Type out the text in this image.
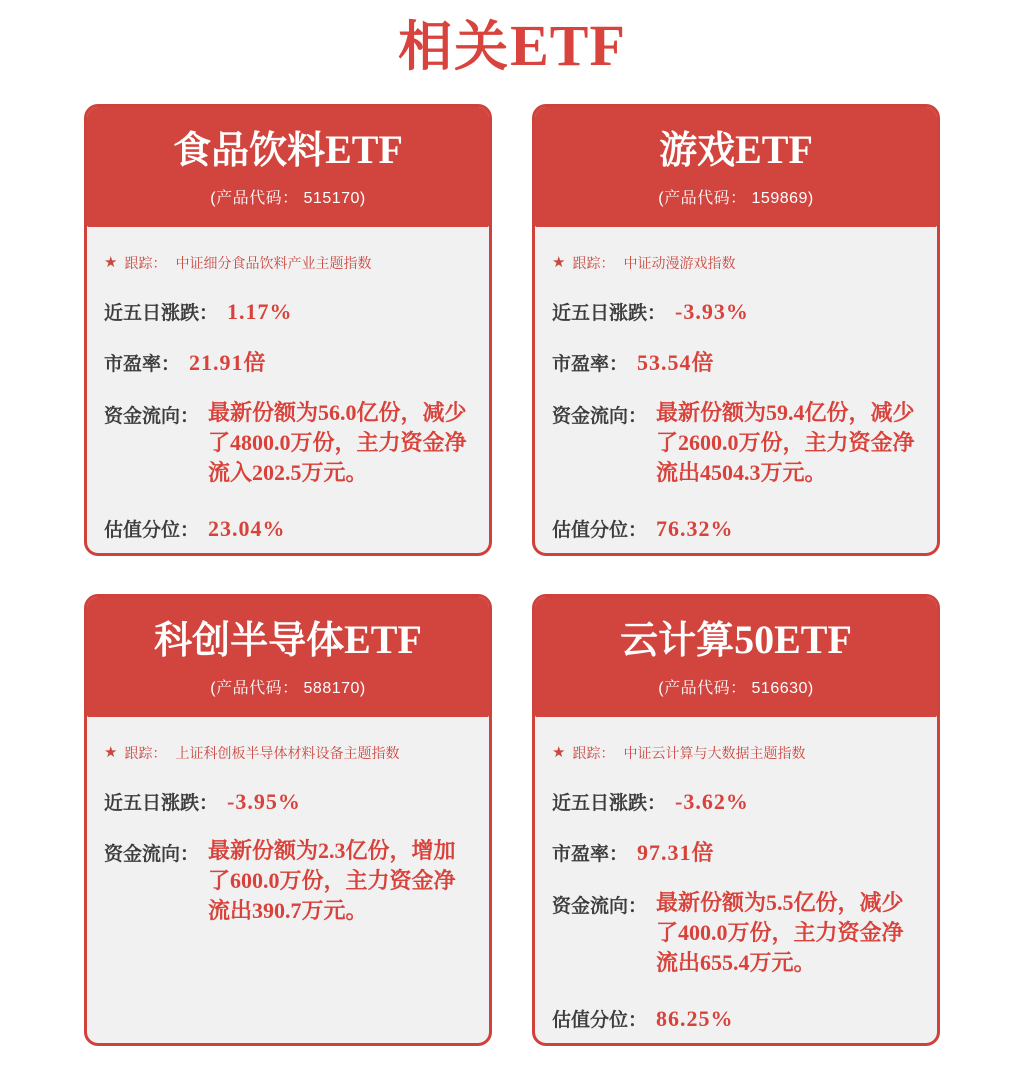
相关ETF
食品饮料ETF
(产品代码： 515170)
★ 跟踪： 中证细分食品饮料产业主题指数
近五日涨跌： 1.17%
市盈率： 21.91倍
资金流向： 最新份额为56.0亿份，减少了4800.0万份，主力资金净流入202.5万元。
估值分位： 23.04%
游戏ETF
(产品代码： 159869)
★ 跟踪： 中证动漫游戏指数
近五日涨跌： -3.93%
市盈率： 53.54倍
资金流向： 最新份额为59.4亿份，减少了2600.0万份，主力资金净流出4504.3万元。
估值分位： 76.32%
科创半导体ETF
(产品代码： 588170)
★ 跟踪： 上证科创板半导体材料设备主题指数
近五日涨跌： -3.95%
资金流向： 最新份额为2.3亿份，增加了600.0万份，主力资金净流出390.7万元。
云计算50ETF
(产品代码： 516630)
★ 跟踪： 中证云计算与大数据主题指数
近五日涨跌： -3.62%
市盈率： 97.31倍
资金流向： 最新份额为5.5亿份，减少了400.0万份，主力资金净流出655.4万元。
估值分位： 86.25%
